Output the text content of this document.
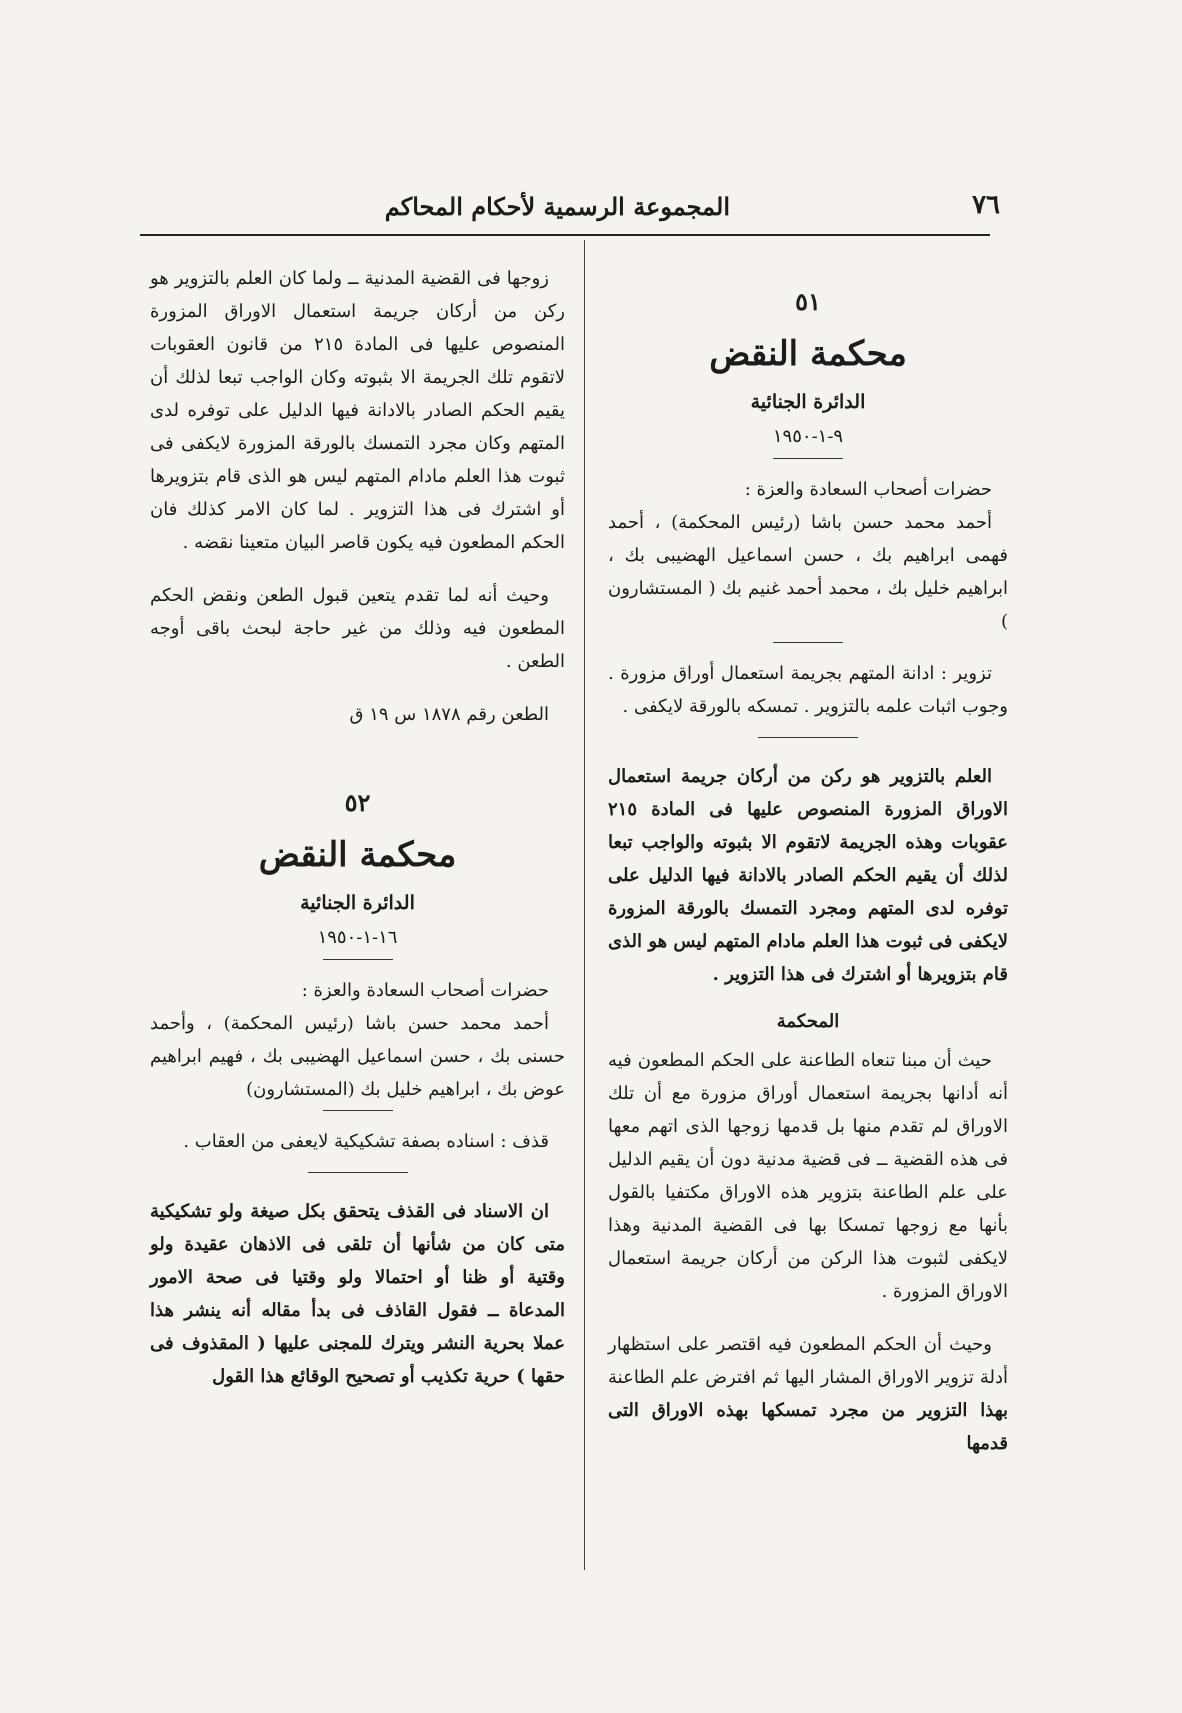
٧٦
المجموعة الرسمية لأحكام المحاكم

٥١

محكمة النقض

الدائرة الجنائية

٩-١-١٩٥٠

حضرات أصحاب السعادة والعزة :

أحمد محمد حسن باشا (رئيس المحكمة) ، أحمد فهمى ابراهيم بك ، حسن اسماعيل الهضيبى بك ، ابراهيم خليل بك ، محمد أحمد غنيم بك ( المستشارون )

تزوير : ادانة المتهم بجريمة استعمال أوراق مزورة . وجوب اثبات علمه بالتزوير . تمسكه بالورقة لايكفى .

العلم بالتزوير هو ركن من أركان جريمة استعمال الاوراق المزورة المنصوص عليها فى المادة ٢١٥ عقوبات وهذه الجريمة لاتقوم الا بثبوته والواجب تبعا لذلك أن يقيم الحكم الصادر بالادانة فيها الدليل على توفره لدى المتهم ومجرد التمسك بالورقة المزورة لايكفى فى ثبوت هذا العلم مادام المتهم ليس هو الذى قام بتزويرها أو اشترك فى هذا التزوير .

المحكمة

حيث أن مبنا تنعاه الطاعنة على الحكم المطعون فيه أنه أدانها بجريمة استعمال أوراق مزورة مع أن تلك الاوراق لم تقدم منها بل قدمها زوجها الذى اتهم معها فى هذه القضية ــ فى قضية مدنية دون أن يقيم الدليل على علم الطاعنة بتزوير هذه الاوراق مكتفيا بالقول بأنها مع زوجها تمسكا بها فى القضية المدنية وهذا لايكفى لثبوت هذا الركن من أركان جريمة استعمال الاوراق المزورة .

وحيث أن الحكم المطعون فيه اقتصر على استظهار أدلة تزوير الاوراق المشار اليها ثم افترض علم الطاعنة بهذا التزوير من مجرد تمسكها بهذه الاوراق التى قدمها

زوجها فى القضية المدنية ــ ولما كان العلم بالتزوير هو ركن من أركان جريمة استعمال الاوراق المزورة المنصوص عليها فى المادة ٢١٥ من قانون العقوبات لاتقوم تلك الجريمة الا بثبوته وكان الواجب تبعا لذلك أن يقيم الحكم الصادر بالادانة فيها الدليل على توفره لدى المتهم وكان مجرد التمسك بالورقة المزورة لايكفى فى ثبوت هذا العلم مادام المتهم ليس هو الذى قام بتزويرها أو اشترك فى هذا التزوير . لما كان الامر كذلك فان الحكم المطعون فيه يكون قاصر البيان متعينا نقضه .

وحيث أنه لما تقدم يتعين قبول الطعن ونقض الحكم المطعون فيه وذلك من غير حاجة لبحث باقى أوجه الطعن .

الطعن رقم ١٨٧٨ س ١٩ ق

٥٢

محكمة النقض

الدائرة الجنائية

١٦-١-١٩٥٠

حضرات أصحاب السعادة والعزة :

أحمد محمد حسن باشا (رئيس المحكمة) ، وأحمد حسنى بك ، حسن اسماعيل الهضيبى بك ، فهيم ابراهيم عوض بك ، ابراهيم خليل بك (المستشارون)

قذف : اسناده بصفة تشكيكية لايعفى من العقاب .

ان الاسناد فى القذف يتحقق بكل صيغة ولو تشكيكية متى كان من شأنها أن تلقى فى الاذهان عقيدة ولو وقتية أو ظنا أو احتمالا ولو وقتيا فى صحة الامور المدعاة ــ فقول القاذف فى بدأ مقاله أنه ينشر هذا عملا بحرية النشر ويترك للمجنى عليها ( المقذوف فى حقها ) حرية تكذيب أو تصحيح الوقائع هذا القول
